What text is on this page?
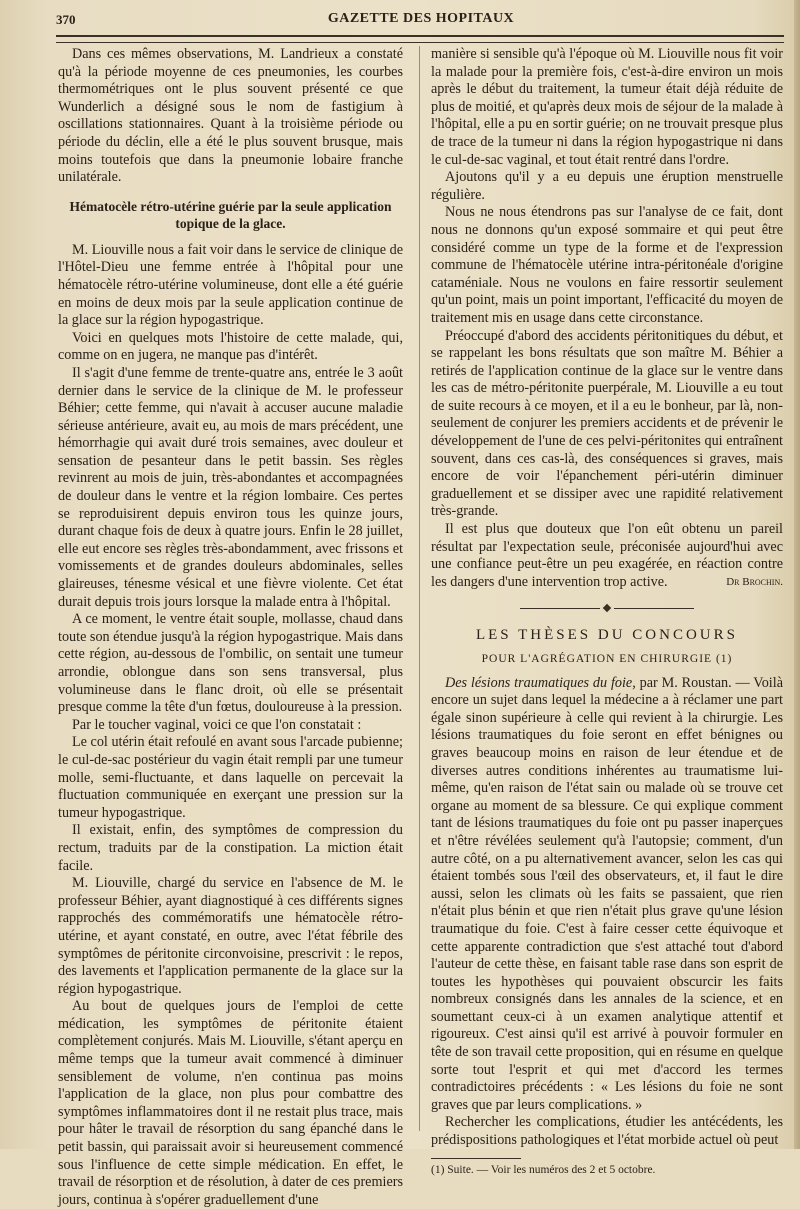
370	GAZETTE DES HOPITAUX

Dans ces mêmes observations, M. Landrieux a constaté qu'à la période moyenne de ces pneumonies, les courbes thermométriques ont le plus souvent présenté ce que Wunderlich a désigné sous le nom de fastigium à oscillations stationnaires. Quant à la troisième période ou période du déclin, elle a été le plus souvent brusque, mais moins toutefois que dans la pneumonie lobaire franche unilatérale.

Hématocèle rétro-utérine guérie par la seule application topique de la glace.

M. Liouville nous a fait voir dans le service de clinique de l'Hôtel-Dieu une femme entrée à l'hôpital pour une hématocèle rétro-utérine volumineuse, dont elle a été guérie en moins de deux mois par la seule application continue de la glace sur la région hypogastrique.

Voici en quelques mots l'histoire de cette malade, qui, comme on en jugera, ne manque pas d'intérêt.

Il s'agit d'une femme de trente-quatre ans, entrée le 3 août dernier dans le service de la clinique de M. le professeur Béhier; cette femme, qui n'avait à accuser aucune maladie sérieuse antérieure, avait eu, au mois de mars précédent, une hémorrhagie qui avait duré trois semaines, avec douleur et sensation de pesanteur dans le petit bassin. Ses règles revinrent au mois de juin, très-abondantes et accompagnées de douleur dans le ventre et la région lombaire. Ces pertes se reproduisirent depuis environ tous les quinze jours, durant chaque fois de deux à quatre jours. Enfin le 28 juillet, elle eut encore ses règles très-abondamment, avec frissons et vomissements et de grandes douleurs abdominales, selles glaireuses, ténesme vésical et une fièvre violente. Cet état durait depuis trois jours lorsque la malade entra à l'hôpital.

A ce moment, le ventre était souple, mollasse, chaud dans toute son étendue jusqu'à la région hypogastrique. Mais dans cette région, au-dessous de l'ombilic, on sentait une tumeur arrondie, oblongue dans son sens transversal, plus volumineuse dans le flanc droit, où elle se présentait presque comme la tête d'un fœtus, douloureuse à la pression.

Par le toucher vaginal, voici ce que l'on constatait :

Le col utérin était refoulé en avant sous l'arcade pubienne; le cul-de-sac postérieur du vagin était rempli par une tumeur molle, semi-fluctuante, et dans laquelle on percevait la fluctuation communiquée en exerçant une pression sur la tumeur hypogastrique.

Il existait, enfin, des symptômes de compression du rectum, traduits par de la constipation. La miction était facile.

M. Liouville, chargé du service en l'absence de M. le professeur Béhier, ayant diagnostiqué à ces différents signes rapprochés des commémoratifs une hématocèle rétro-utérine, et ayant constaté, en outre, avec l'état fébrile des symptômes de péritonite circonvoisine, prescrivit : le repos, des lavements et l'application permanente de la glace sur la région hypogastrique.

Au bout de quelques jours de l'emploi de cette médication, les symptômes de péritonite étaient complètement conjurés. Mais M. Liouville, s'étant aperçu en même temps que la tumeur avait commencé à diminuer sensiblement de volume, n'en continua pas moins l'application de la glace, non plus pour combattre des symptômes inflammatoires dont il ne restait plus trace, mais pour hâter le travail de résorption du sang épanché dans le petit bassin, qui paraissait avoir si heureusement commencé sous l'influence de cette simple médication. En effet, le travail de résorption et de résolution, à dater de ces premiers jours, continua à s'opérer graduellement d'une

manière si sensible qu'à l'époque où M. Liouville nous fit voir la malade pour la première fois, c'est-à-dire environ un mois après le début du traitement, la tumeur était déjà réduite de plus de moitié, et qu'après deux mois de séjour de la malade à l'hôpital, elle a pu en sortir guérie; on ne trouvait presque plus de trace de la tumeur ni dans la région hypogastrique ni dans le cul-de-sac vaginal, et tout était rentré dans l'ordre.

Ajoutons qu'il y a eu depuis une éruption menstruelle régulière.

Nous ne nous étendrons pas sur l'analyse de ce fait, dont nous ne donnons qu'un exposé sommaire et qui peut être considéré comme un type de la forme et de l'expression commune de l'hématocèle utérine intra-péritonéale d'origine cataméniale. Nous ne voulons en faire ressortir seulement qu'un point, mais un point important, l'efficacité du moyen de traitement mis en usage dans cette circonstance.

Préoccupé d'abord des accidents péritonitiques du début, et se rappelant les bons résultats que son maître M. Béhier a retirés de l'application continue de la glace sur le ventre dans les cas de métro-péritonite puerpérale, M. Liouville a eu tout de suite recours à ce moyen, et il a eu le bonheur, par là, non-seulement de conjurer les premiers accidents et de prévenir le développement de l'une de ces pelvi-péritonites qui entraînent souvent, dans ces cas-là, des conséquences si graves, mais encore de voir l'épanchement péri-utérin diminuer graduellement et se dissiper avec une rapidité relativement très-grande.

Il est plus que douteux que l'on eût obtenu un pareil résultat par l'expectation seule, préconisée aujourd'hui avec une confiance peut-être un peu exagérée, en réaction contre les dangers d'une intervention trop active.	Dr Brochin.

LES THÈSES DU CONCOURS
POUR L'AGRÉGATION EN CHIRURGIE (1)

Des lésions traumatiques du foie, par M. Roustan. — Voilà encore un sujet dans lequel la médecine a à réclamer une part égale sinon supérieure à celle qui revient à la chirurgie. Les lésions traumatiques du foie seront en effet bénignes ou graves beaucoup moins en raison de leur étendue et de diverses autres conditions inhérentes au traumatisme lui-même, qu'en raison de l'état sain ou malade où se trouve cet organe au moment de sa blessure. Ce qui explique comment tant de lésions traumatiques du foie ont pu passer inaperçues et n'être révélées seulement qu'à l'autopsie; comment, d'un autre côté, on a pu alternativement avancer, selon les cas qui étaient tombés sous l'œil des observateurs, et, il faut le dire aussi, selon les climats où les faits se passaient, que rien n'était plus bénin et que rien n'était plus grave qu'une lésion traumatique du foie. C'est à faire cesser cette équivoque et cette apparente contradiction que s'est attaché tout d'abord l'auteur de cette thèse, en faisant table rase dans son esprit de toutes les hypothèses qui pouvaient obscurcir les faits nombreux consignés dans les annales de la science, et en soumettant ceux-ci à un examen analytique attentif et rigoureux. C'est ainsi qu'il est arrivé à pouvoir formuler en tête de son travail cette proposition, qui en résume en quelque sorte tout l'esprit et qui met d'accord les termes contradictoires précédents : « Les lésions du foie ne sont graves que par leurs complications. »

Rechercher les complications, étudier les antécédents, les prédispositions pathologiques et l'état morbide actuel où peut

(1) Suite. — Voir les numéros des 2 et 5 octobre.
